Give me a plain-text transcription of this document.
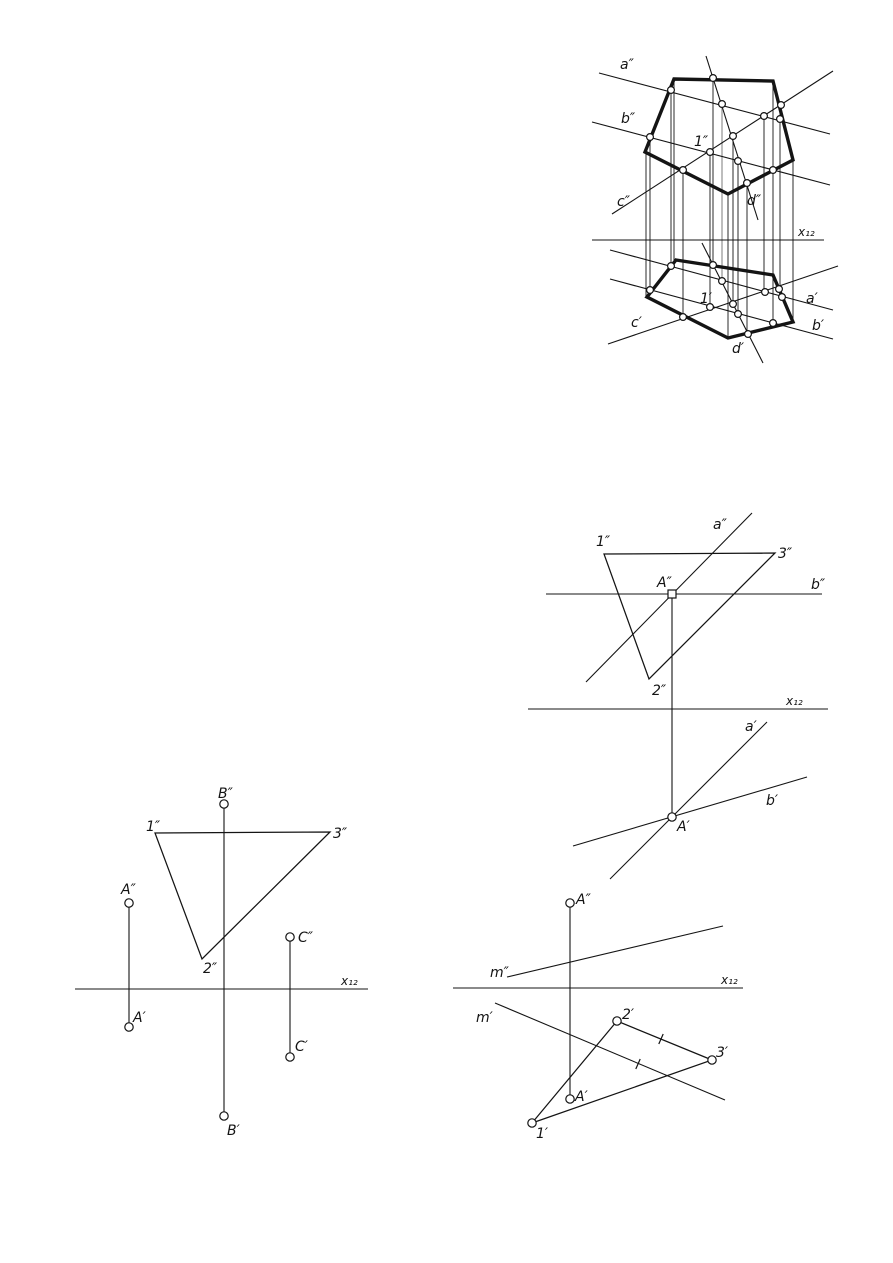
a″
b″
c″	d″
1″
x₁₂
a′
b′
c′
d′
1′
1″
3″
2″
A″
a″
b″
x₁₂
a′
b′
A′
B″
1″	3″
A″
C″
2″
x₁₂
A′
C′
B′
A″
m″	x₁₂
m′	2′
3′
A′
1′
